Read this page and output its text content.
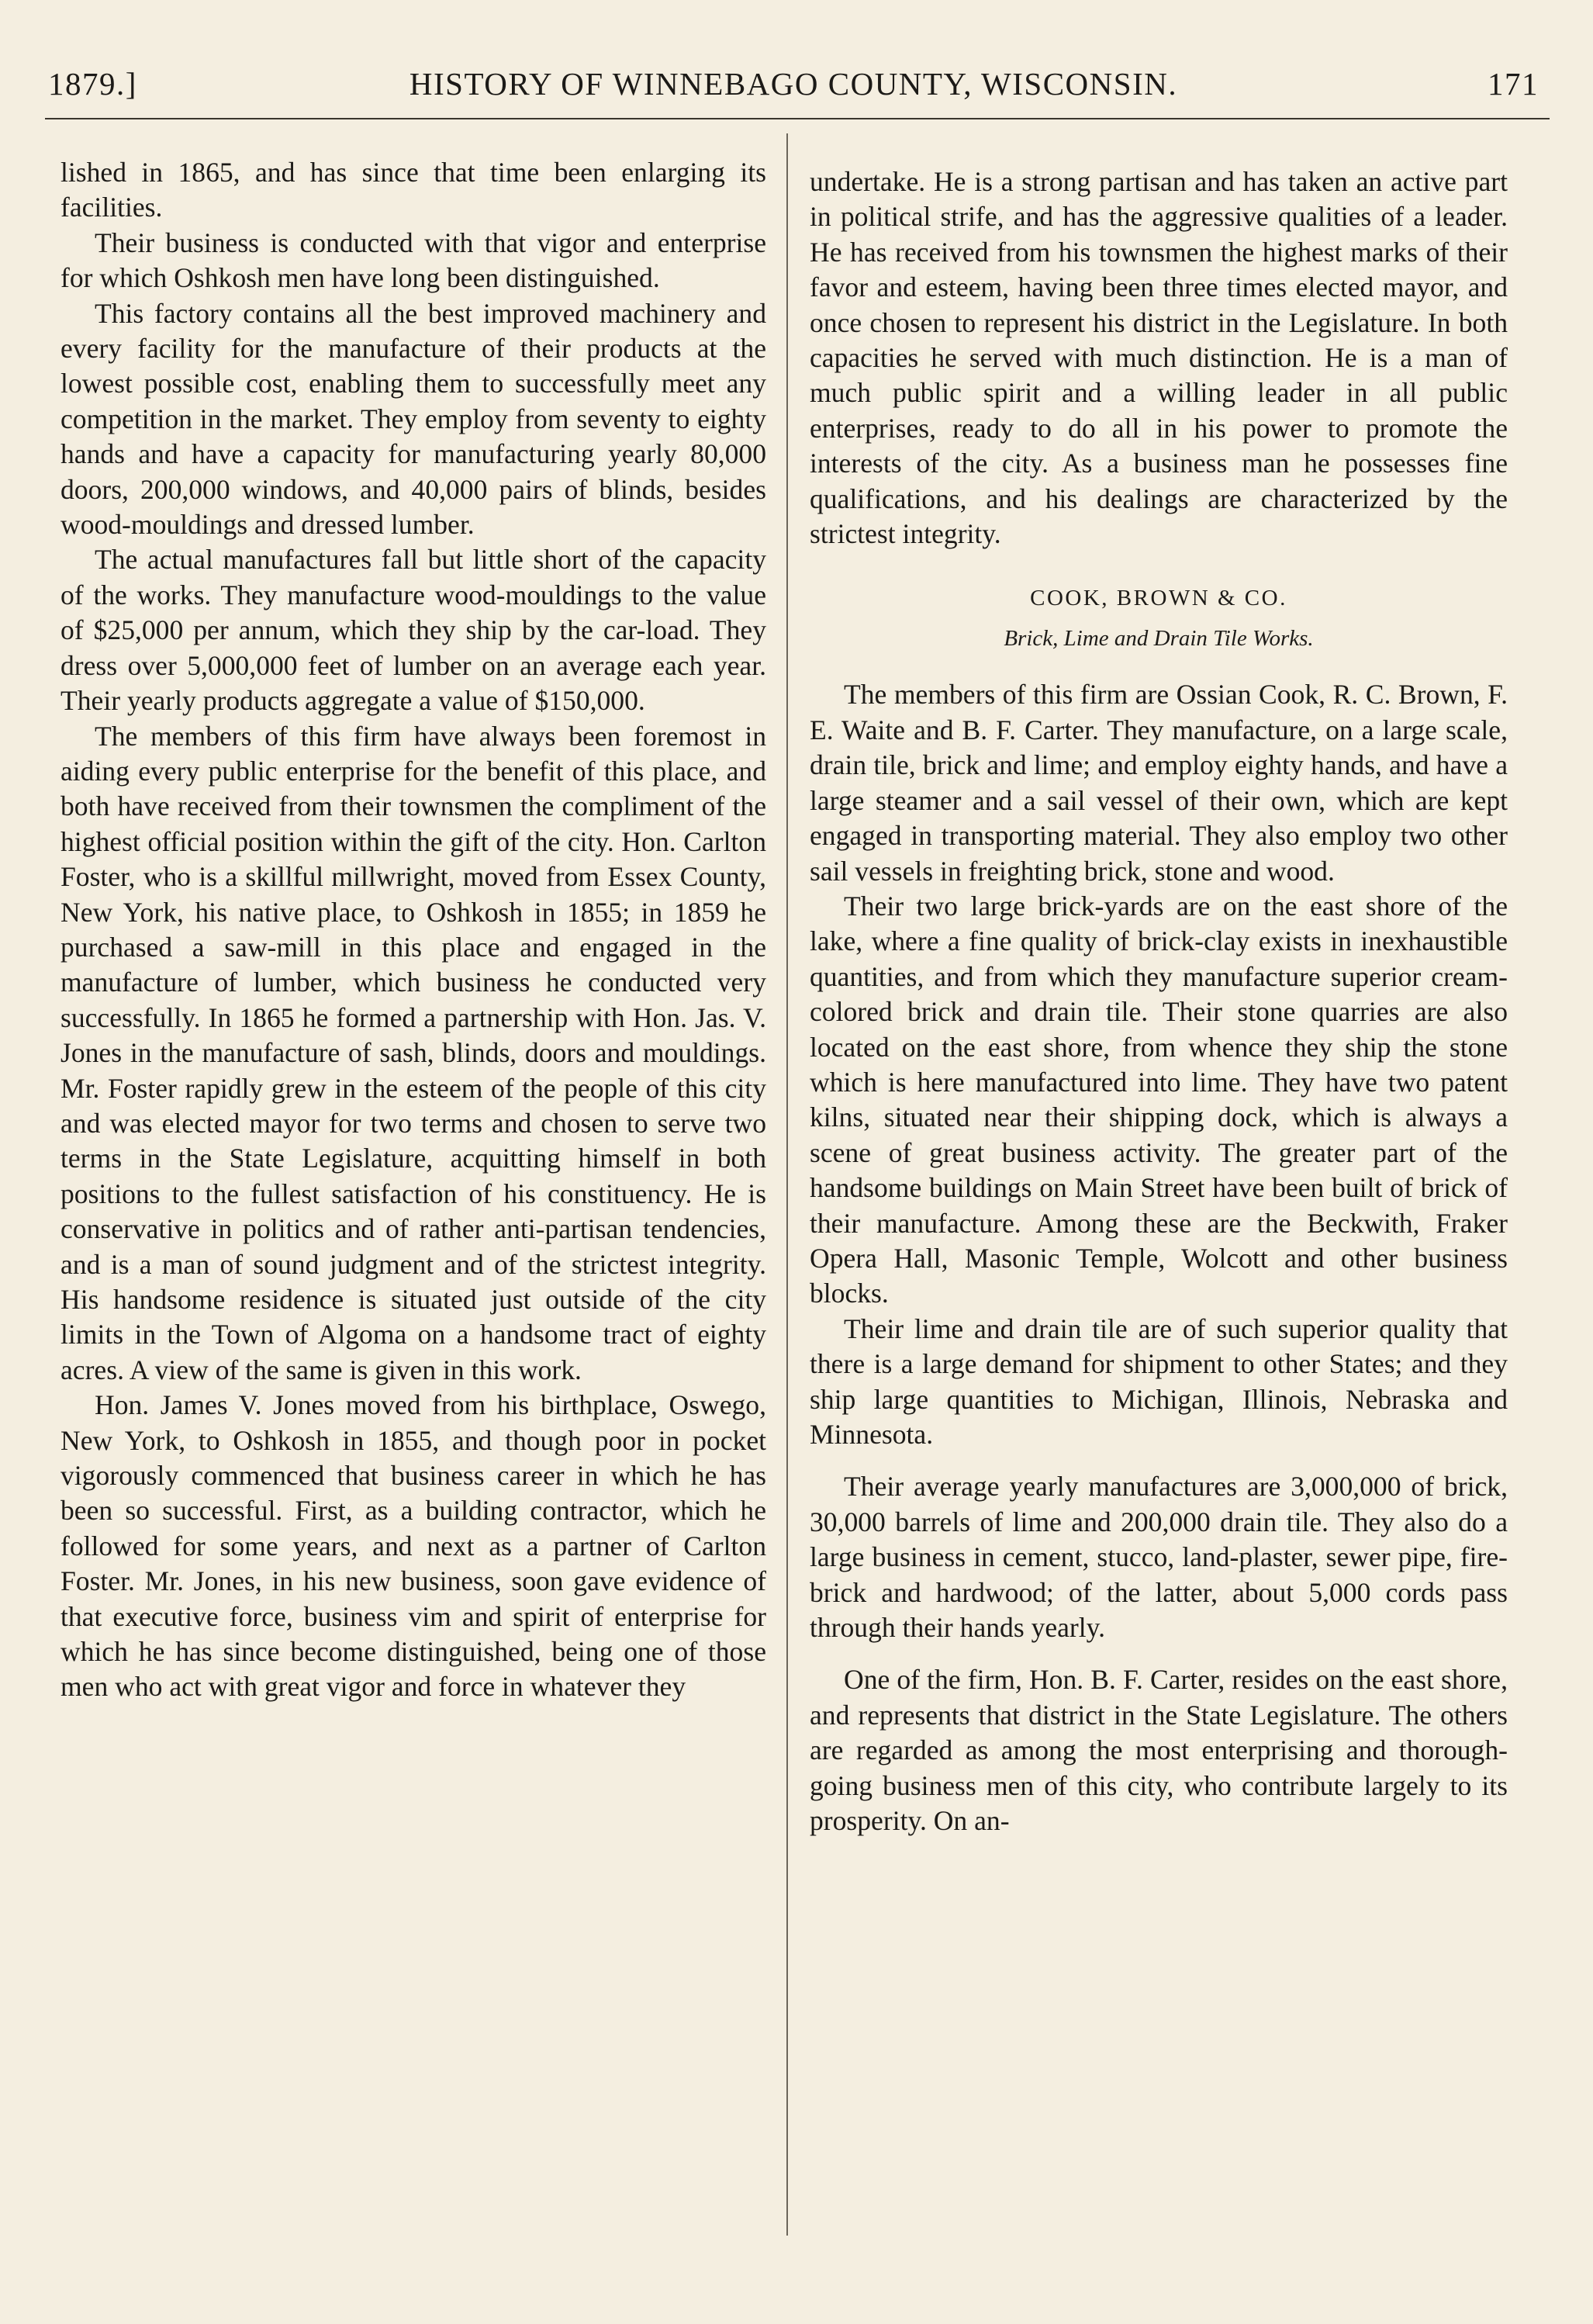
1879.]	HISTORY OF WINNEBAGO COUNTY, WISCONSIN.	171

lished in 1865, and has since that time been enlarging its facilities.

Their business is conducted with that vigor and enterprise for which Oshkosh men have long been distinguished.

This factory contains all the best improved machinery and every facility for the manufacture of their products at the lowest possible cost, enabling them to successfully meet any competition in the market. They employ from seventy to eighty hands and have a capacity for manufacturing yearly 80,000 doors, 200,000 windows, and 40,000 pairs of blinds, besides wood-mouldings and dressed lumber.

The actual manufactures fall but little short of the capacity of the works. They manufacture wood-mouldings to the value of $25,000 per annum, which they ship by the car-load. They dress over 5,000,000 feet of lumber on an average each year. Their yearly products aggregate a value of $150,000.

The members of this firm have always been foremost in aiding every public enterprise for the benefit of this place, and both have received from their townsmen the compliment of the highest official position within the gift of the city. Hon. Carlton Foster, who is a skillful millwright, moved from Essex County, New York, his native place, to Oshkosh in 1855; in 1859 he purchased a saw-mill in this place and engaged in the manufacture of lumber, which business he conducted very successfully. In 1865 he formed a partnership with Hon. Jas. V. Jones in the manufacture of sash, blinds, doors and mouldings. Mr. Foster rapidly grew in the esteem of the people of this city and was elected mayor for two terms and chosen to serve two terms in the State Legislature, acquitting himself in both positions to the fullest satisfaction of his constituency. He is conservative in politics and of rather anti-partisan tendencies, and is a man of sound judgment and of the strictest integrity. His handsome residence is situated just outside of the city limits in the Town of Algoma on a handsome tract of eighty acres. A view of the same is given in this work.

Hon. James V. Jones moved from his birthplace, Oswego, New York, to Oshkosh in 1855, and though poor in pocket vigorously commenced that business career in which he has been so successful. First, as a building contractor, which he followed for some years, and next as a partner of Carlton Foster. Mr. Jones, in his new business, soon gave evidence of that executive force, business vim and spirit of enterprise for which he has since become distinguished, being one of those men who act with great vigor and force in whatever they

undertake. He is a strong partisan and has taken an active part in political strife, and has the aggressive qualities of a leader. He has received from his townsmen the highest marks of their favor and esteem, having been three times elected mayor, and once chosen to represent his district in the Legislature. In both capacities he served with much distinction. He is a man of much public spirit and a willing leader in all public enterprises, ready to do all in his power to promote the interests of the city. As a business man he possesses fine qualifications, and his dealings are characterized by the strictest integrity.

COOK, BROWN & CO.
Brick, Lime and Drain Tile Works.

The members of this firm are Ossian Cook, R. C. Brown, F. E. Waite and B. F. Carter. They manufacture, on a large scale, drain tile, brick and lime; and employ eighty hands, and have a large steamer and a sail vessel of their own, which are kept engaged in transporting material. They also employ two other sail vessels in freighting brick, stone and wood.

Their two large brick-yards are on the east shore of the lake, where a fine quality of brick-clay exists in inexhaustible quantities, and from which they manufacture superior cream-colored brick and drain tile. Their stone quarries are also located on the east shore, from whence they ship the stone which is here manufactured into lime. They have two patent kilns, situated near their shipping dock, which is always a scene of great business activity. The greater part of the handsome buildings on Main Street have been built of brick of their manufacture. Among these are the Beckwith, Fraker Opera Hall, Masonic Temple, Wolcott and other business blocks.

Their lime and drain tile are of such superior quality that there is a large demand for shipment to other States; and they ship large quantities to Michigan, Illinois, Nebraska and Minnesota.

Their average yearly manufactures are 3,000,000 of brick, 30,000 barrels of lime and 200,000 drain tile. They also do a large business in cement, stucco, land-plaster, sewer pipe, fire-brick and hardwood; of the latter, about 5,000 cords pass through their hands yearly.

One of the firm, Hon. B. F. Carter, resides on the east shore, and represents that district in the State Legislature. The others are regarded as among the most enterprising and thorough-going business men of this city, who contribute largely to its prosperity. On an-
